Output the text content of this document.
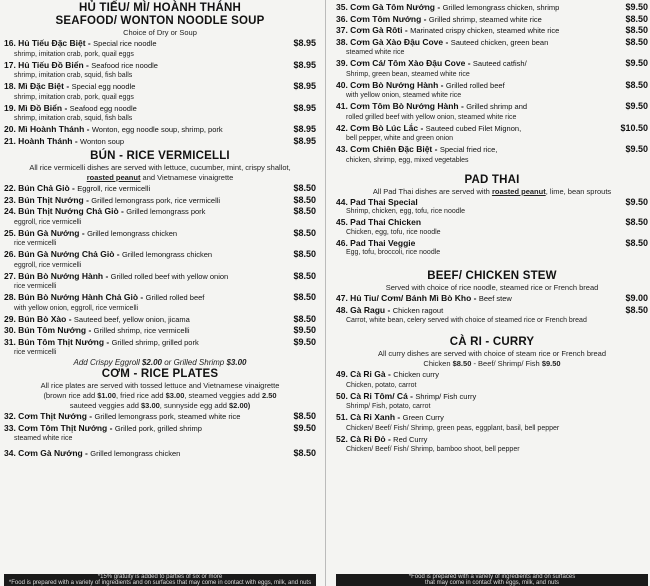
HỦ TIẾU/ MÌ/ HOÀNH THÁNH

SEAFOOD/ WONTON NOODLE SOUP

Choice of Dry or Soup
16. Hủ Tiếu Đặc Biệt - Special rice noodle	$8.95
shrimp, imitation crab, pork, quail eggs
17. Hủ Tiếu Đồ Biển - Seafood rice noodle	$8.95
shrimp, imitation crab, squid, fish balls
18. Mì Đặc Biệt - Special egg noodle	$8.95
shrimp, imitation crab, pork, quail eggs
19. Mì Đồ Biển - Seafood egg noodle	$8.95
shrimp, imitation crab, squid, fish balls
20. Mì Hoành Thánh - Wonton, egg noodle soup, shrimp, pork	$8.95
21. Hoành Thánh - Wonton soup	$8.95

BÚN - RICE VERMICELLI

All rice vermicelli dishes are served with lettuce, cucumber, mint, crispy shallot,
roasted peanut and Vietnamese vinaigrette
22. Bún Chả Giò - Eggroll, rice vermicelli	$8.50
23. Bún Thịt Nướng - Grilled lemongrass pork, rice vermicelli	$8.50
24. Bún Thịt Nướng Chả Giò - Grilled lemongrass pork	$8.50
eggroll, rice vermicelli
25. Bún Gà Nướng - Grilled lemongrass chicken	$8.50
rice vermicelli
26. Bún Gà Nướng Chả Giò - Grilled lemongrass chicken	$8.50
eggroll, rice vermicelli
27. Bún Bò Nướng Hành - Grilled rolled beef with yellow onion	$8.50
rice vermicelli
28. Bún Bò Nướng Hành Chả Giò - Grilled rolled beef	$8.50
with yellow onion, eggroll, rice vermicelli
29. Bún Bò Xào - Sauteed beef, yellow onion, jicama	$8.50
30. Bún Tôm Nướng - Grilled shrimp, rice vermicelli	$9.50
31. Bún Tôm Thịt Nướng - Grilled shrimp, grilled pork	$9.50
rice vermicelli
Add Crispy Eggroll $2.00 or Grilled Shrimp $3.00

CƠM - RICE PLATES

All rice plates are served with tossed lettuce and Vietnamese vinaigrette
(brown rice add $1.00, fried rice add $3.00, steamed veggies add 2.50
sauteed veggies add $3.00, sunnyside egg add $2.00)
32. Cơm Thịt Nướng - Grilled lemongrass pork, steamed white rice	$8.50
33. Cơm Tôm Thịt Nướng - Grilled pork, grilled shrimp	$9.50
steamed white rice
34. Cơm Gà Nướng - Grilled lemongrass chicken	$8.50
*15% gratuity is added to parties of six or more
*Food is prepared with a variety of ingredients and on surfaces that may come in contact with eggs, milk, and nuts
35. Cơm Gà Tôm Nướng - Grilled lemongrass chicken, shrimp	$9.50
36. Cơm Tôm Nướng - Grilled shrimp, steamed white rice	$8.50
37. Cơm Gà Rôti - Marinated crispy chicken, steamed white rice	$8.50
38. Cơm Gà Xào Đậu Cove - Sauteed chicken, green bean	$8.50
steamed white rice
39. Cơm Cá/ Tôm Xào Đậu Cove - Sauteed catfish/	$9.50
Shrimp, green bean, steamed white rice
40. Cơm Bò Nướng Hành - Grilled rolled beef	$8.50
with yellow onion, steamed white rice
41. Cơm Tôm Bò Nướng Hành - Grilled shrimp and	$9.50
rolled grilled beef with yellow onion, steamed white rice
42. Cơm Bò Lúc Lắc - Sauteed cubed Filet Mignon,	$10.50
bell pepper, white and green onion
43. Cơm Chiên Đặc Biệt - Special fried rice,	$9.50
chicken, shrimp, egg, mixed vegetables

PAD THAI

All Pad Thai dishes are served with roasted peanut, lime, bean sprouts
44. Pad Thai Special	$9.50
Shrimp, chicken, egg, tofu, rice noodle
45. Pad Thai Chicken	$8.50
Chicken, egg, tofu, rice noodle
46. Pad Thai Veggie	$8.50
Egg, tofu, broccoli, rice noodle

BEEF/ CHICKEN STEW

Served with choice of rice noodle, steamed rice or French bread
47. Hủ Tiu/ Cơm/ Bánh Mì Bò Kho - Beef stew	$9.00
48. Gà Ragu - Chicken ragout	$8.50
Carrot, white bean, celery served with choice of steamed rice or French bread

CÀ RI - CURRY

All curry dishes are served with choice of steam rice or French bread
Chicken $8.50 - Beef/ Shrimp/ Fish $9.50
49. Cà Ri Gà - Chicken curry
Chicken, potato, carrot
50. Cà Ri Tôm/ Cá - Shrimp/ Fish curry
Shrimp/ Fish, potato, carrot
51. Cà Ri Xanh - Green Curry
Chicken/ Beef/ Fish/ Shrimp, green peas, eggplant, basil, bell pepper
52. Cà Ri Đỏ - Red Curry
Chicken/ Beef/ Fish/ Shrimp, bamboo shoot, bell pepper
*Food is prepared with a variety of ingredients and on surfaces
that may come in contact with eggs, milk, and nuts
